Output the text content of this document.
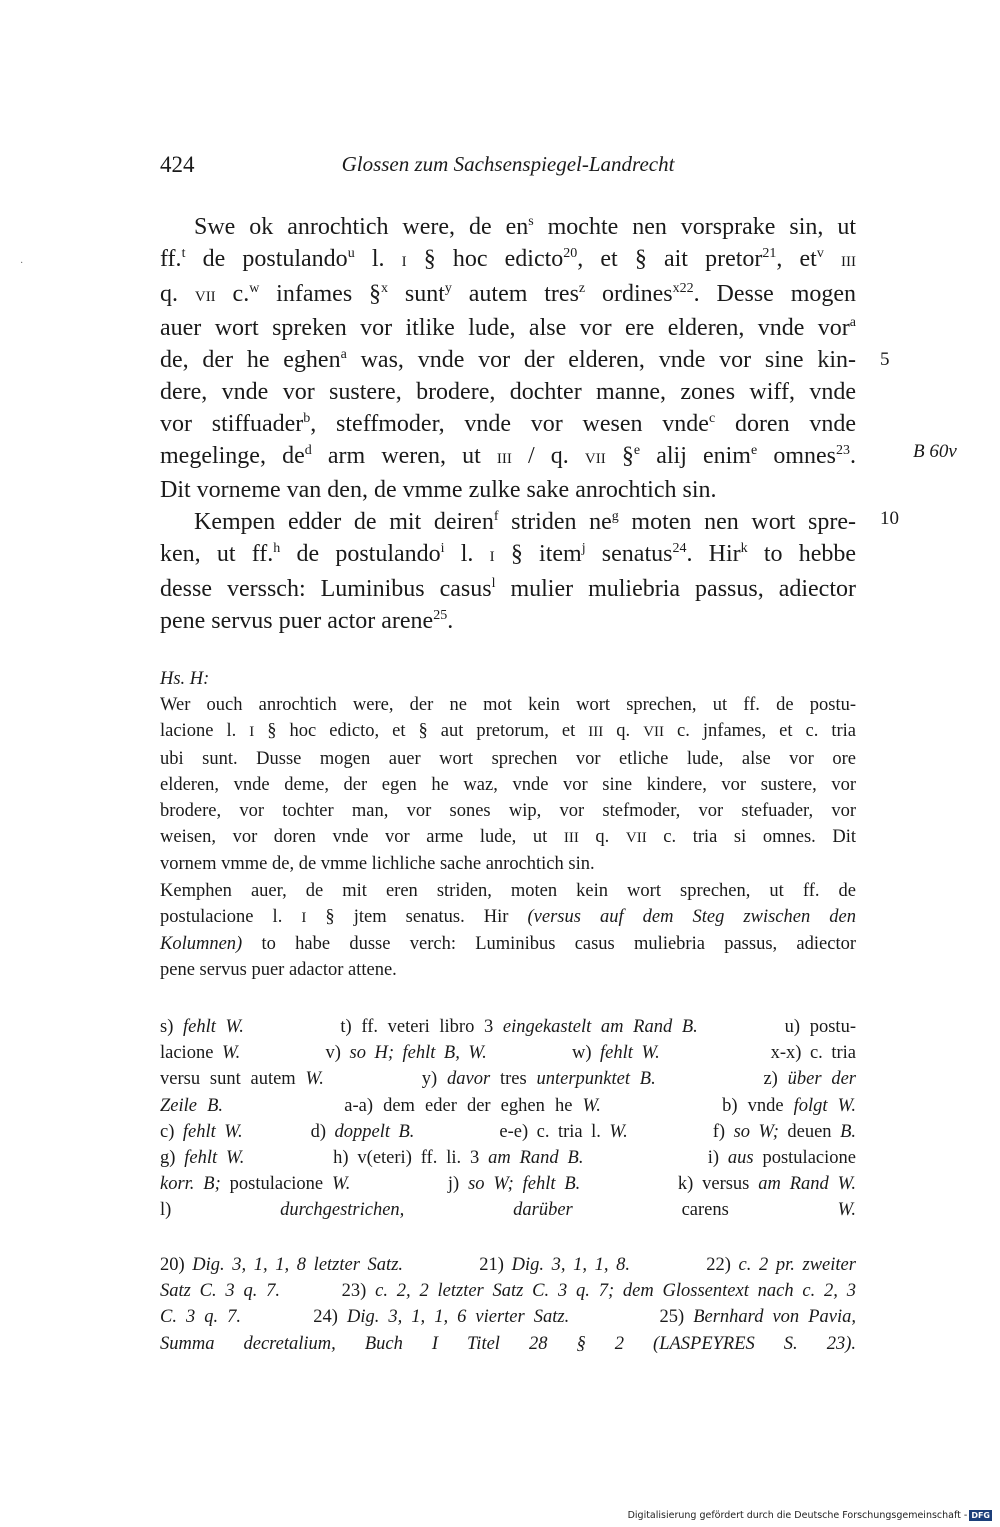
·
424	Glossen zum Sachsenspiegel-Landrecht
Swe ok anrochtich were, de $en^s$ mochte nen vorsprake sin, ut
ff.$^t$ de postulando$^u$ l. I § hoc edicto$^{20}$, et § ait pretor$^{21}$, $et^v$ III
q. VII c.$^w$ infames §$^x$ sunt$^y$ autem tres$^z$ ordines$^{x22}$. Desse mogen
auer wort spreken vor itlike lude, alse vor ere elderen, vnde vor$^a$
de, der he eghen$^a$ was, vnde vor der elderen, vnde vor sine kin-
dere, vnde vor sustere, brodere, dochter manne, zones wiff, vnde
vor stiffuader$^b$, steffmoder, vnde vor wesen vnde$^c$ doren vnde
megelinge, $de^d$ arm weren, ut III / q. VII §$^e$ alij enim$^e$ omnes$^{23}$.
Dit vorneme van den, de vmme zulke sake anrochtich sin.
Kempen edder de mit deiren$^f$ striden $ne^g$ moten nen wort spre-
ken, ut ff.$^h$ de postulando$^i$ l. I § item$^j$ senatus$^{24}$. Hir$^k$ to hebbe
desse verssch: Luminibus casus$^l$ mulier muliebria passus, adiector
pene servus puer actor arene$^{25}$.
5
10
B 60v
Hs. H:
Wer ouch anrochtich were, der ne mot kein wort sprechen, ut ff. de postu-
lacione l. I § hoc edicto, et § aut pretorum, et III q. VII c. jnfames, et c. tria
ubi sunt. Dusse mogen auer wort sprechen vor etliche lude, alse vor ore
elderen, vnde deme, der egen he waz, vnde vor sine kindere, vor sustere, vor
brodere, vor tochter man, vor sones wip, vor stefmoder, vor stefuader, vor
weisen, vor doren vnde vor arme lude, ut III q. VII c. tria si omnes. Dit
vornem vmme de, de vmme lichliche sache anrochtich sin.
Kemphen auer, de mit eren striden, moten kein wort sprechen, ut ff. de
postulacione l. I § jtem senatus. Hir (versus auf dem Steg zwischen den
Kolumnen) to habe dusse verch: Luminibus casus muliebria passus, adiector
pene servus puer adactor attene.
s) fehlt W.          t) ff. veteri libro 3 eingekastelt am Rand B.         u) postu-
lacione W.          v) so H; fehlt B, W.          w) fehlt W.             x-x) c. tria
versu sunt autem W.          y) davor tres unterpunktet B.           z) über der
Zeile B.            a-a) dem eder der eghen he W.            b) vnde folgt W.
c) fehlt W.        d) doppelt B.          e-e) c. tria l. W.          f) so W; deuen B.
g) fehlt W.          h) v(eteri) ff. li. 3 am Rand B.              i) aus postulacione
korr. B; postulacione W.           j) so W; fehlt B.           k) versus am Rand W.
l) durchgestrichen, darüber carens W.
20) Dig. 3, 1, 1, 8 letzter Satz.          21) Dig. 3, 1, 1, 8.          22) c. 2 pr. zweiter
Satz C. 3 q. 7.       23) c. 2, 2 letzter Satz C. 3 q. 7; dem Glossentext nach c. 2, 3
C. 3 q. 7.        24) Dig. 3, 1, 1, 6 vierter Satz.          25) Bernhard von Pavia,
Summa decretalium, Buch I Titel 28 § 2 (LASPEYRES S. 23).
Digitalisierung gefördert durch die Deutsche Forschungsgemeinschaft - DFG
